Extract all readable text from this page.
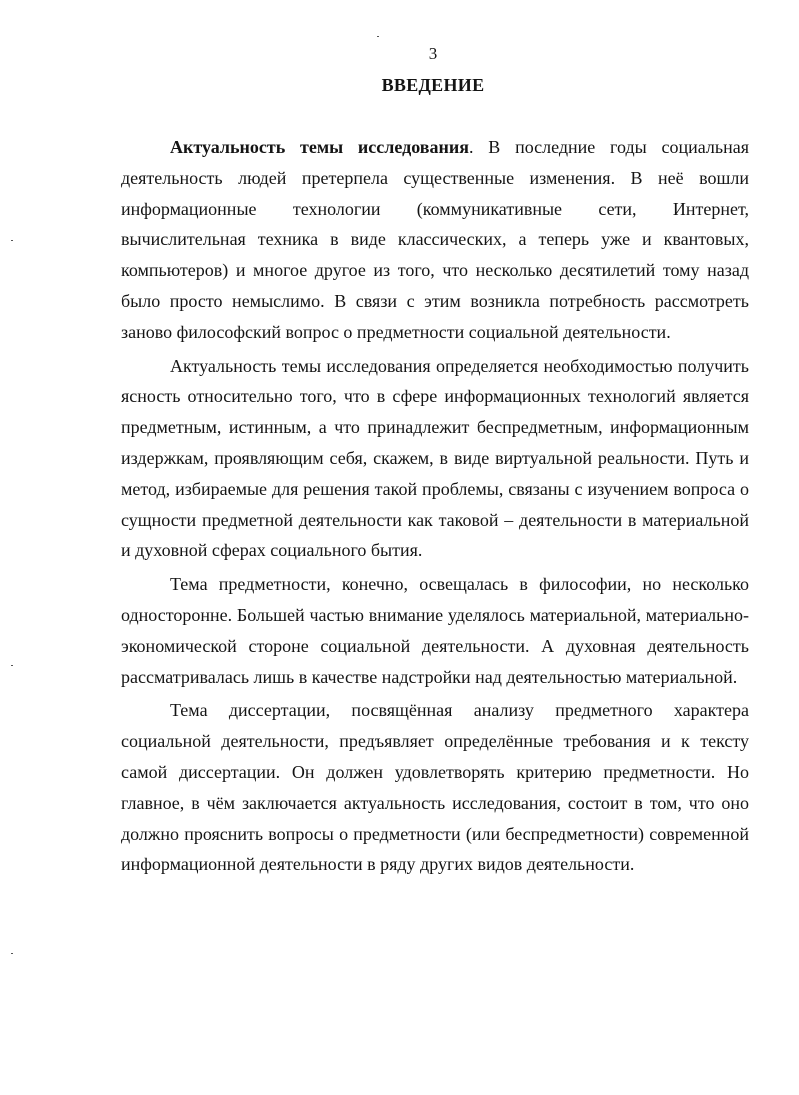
3
ВВЕДЕНИЕ

Актуальность темы исследования. В последние годы социальная деятельность людей претерпела существенные изменения. В неё вошли информационные технологии (коммуникативные сети, Интернет, вычислительная техника в виде классических, а теперь уже и квантовых, компьютеров) и многое другое из того, что несколько десятилетий тому назад было просто немыслимо. В связи с этим возникла потребность рассмотреть заново философский вопрос о предметности социальной деятельности.

Актуальность темы исследования определяется необходимостью получить ясность относительно того, что в сфере информационных технологий является предметным, истинным, а что принадлежит беспредметным, информационным издержкам, проявляющим себя, скажем, в виде виртуальной реальности. Путь и метод, избираемые для решения такой проблемы, связаны с изучением вопроса о сущности предметной деятельности как таковой – деятельности в материальной и духовной сферах социального бытия.

Тема предметности, конечно, освещалась в философии, но несколько односторонне. Большей частью внимание уделялось материальной, материально-экономической стороне социальной деятельности. А духовная деятельность рассматривалась лишь в качестве надстройки над деятельностью материальной.

Тема диссертации, посвящённая анализу предметного характера социальной деятельности, предъявляет определённые требования и к тексту самой диссертации. Он должен удовлетворять критерию предметности. Но главное, в чём заключается актуальность исследования, состоит в том, что оно должно прояснить вопросы о предметности (или беспредметности) современной информационной деятельности в ряду других видов деятельности.
